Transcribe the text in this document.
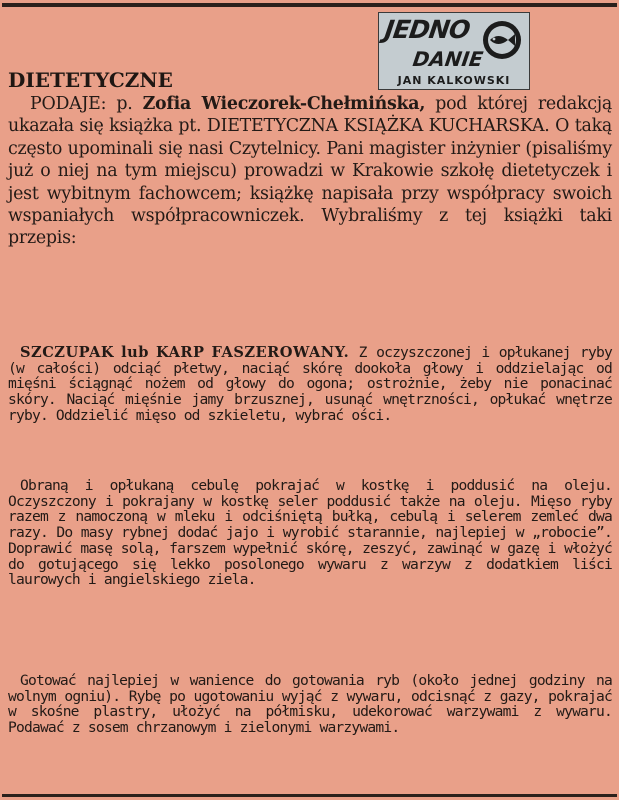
JEDNO
DANIE
JAN KALKOWSKI
DIETETYCZNE

PODAJE: p. Zofia Wieczorek-Chełmińska, pod której redakcją ukazała się książka pt. DIETETYCZNA KSIĄŻKA KUCHARSKA. O taką często upominali się nasi Czytelnicy. Pani magister inżynier (pisaliśmy już o niej na tym miejscu) prowadzi w Krakowie szkołę dietetyczek i jest wybitnym fachowcem; książkę napisała przy współpracy swoich wspaniałych współpracowniczek. Wybraliśmy z tej książki taki przepis:

SZCZUPAK lub KARP FASZEROWANY. Z oczyszczonej i opłukanej ryby (w całości) odciąć płetwy, naciąć skórę dookoła głowy i oddzielając od mięśni ściągnąć nożem od głowy do ogona; ostrożnie, żeby nie ponacinać skóry. Naciąć mięśnie jamy brzusznej, usunąć wnętrzności, opłukać wnętrze ryby. Oddzielić mięso od szkieletu, wybrać ości.

Obraną i opłukaną cebulę pokrajać w kostkę i poddusić na oleju. Oczyszczony i pokrajany w kostkę seler poddusić także na oleju. Mięso ryby razem z namoczoną w mleku i odciśniętą bułką, cebulą i selerem zemleć dwa razy. Do masy rybnej dodać jajo i wyrobić starannie, najlepiej w „robocie”. Doprawić masę solą, farszem wypełnić skórę, zeszyć, zawinąć w gazę i włożyć do gotującego się lekko posolonego wywaru z warzyw z dodatkiem liści laurowych i angielskiego ziela.

Gotować najlepiej w wanience do gotowania ryb (około jednej godziny na wolnym ogniu). Rybę po ugotowaniu wyjąć z wywaru, odcisnąć z gazy, pokrajać w skośne plastry, ułożyć na półmisku, udekorować warzywami z wywaru. Podawać z sosem chrzanowym i zielonymi warzywami.
